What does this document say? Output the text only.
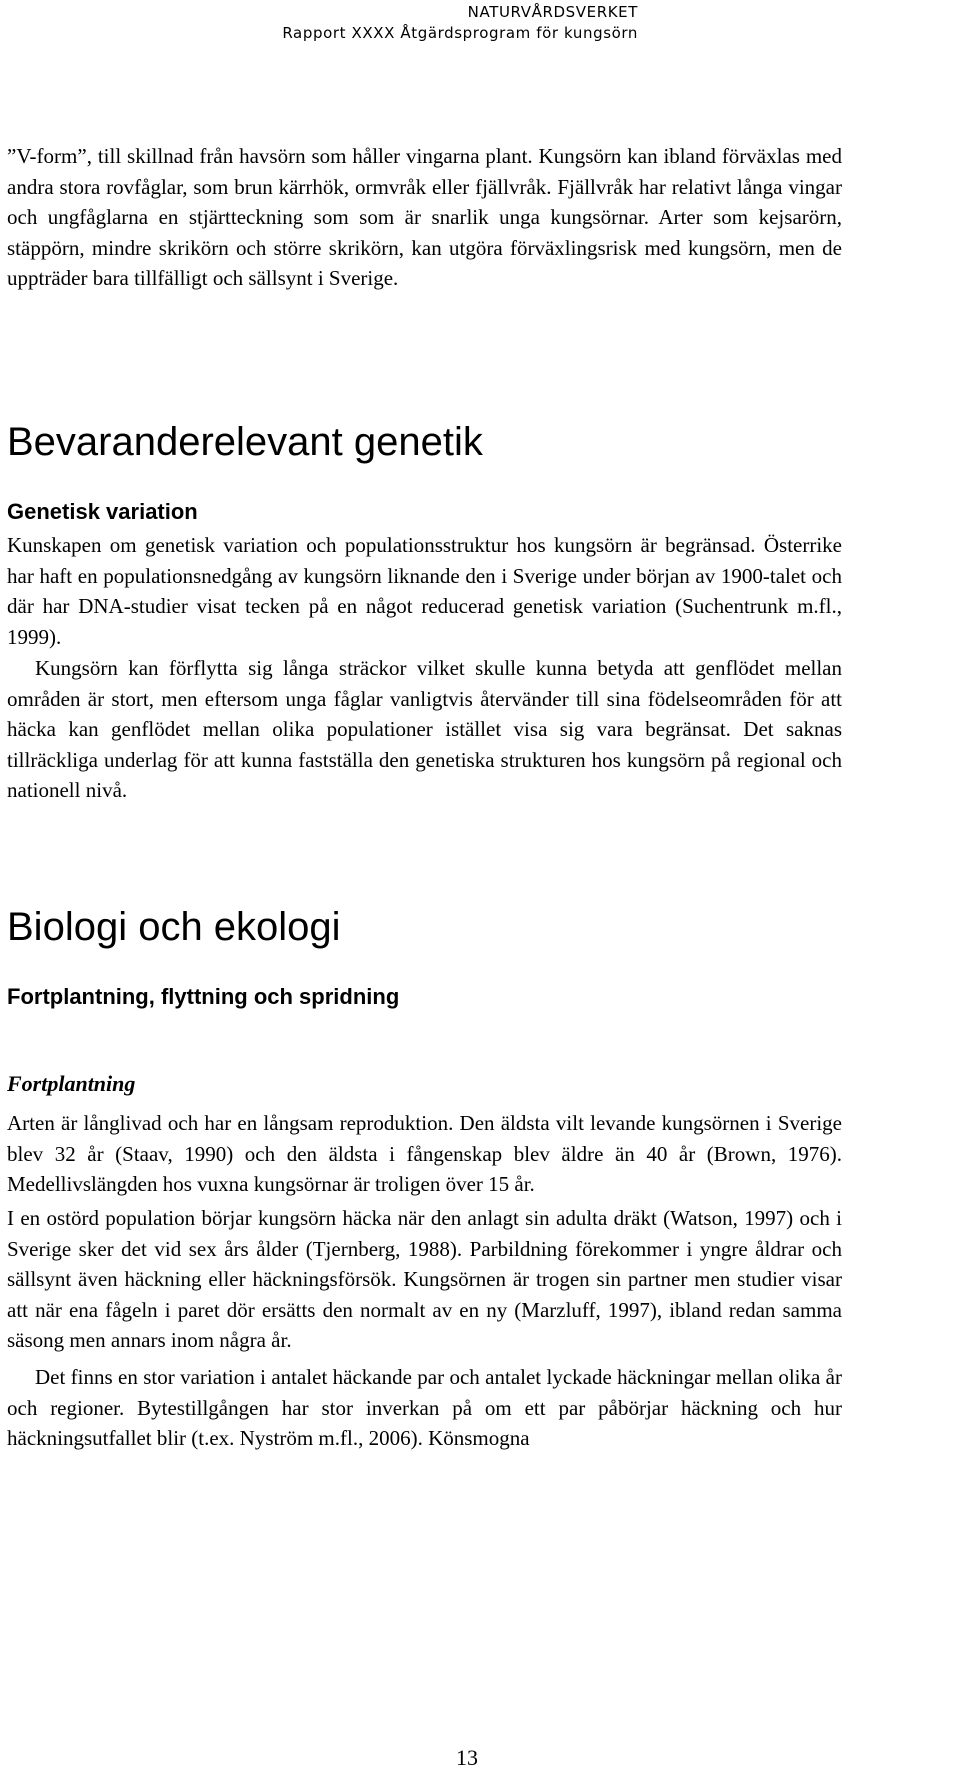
NATURVÅRDSVERKET
Rapport XXXX Åtgärdsprogram för kungsörn

”V-form”, till skillnad från havsörn som håller vingarna plant. Kungsörn kan ibland förväxlas med andra stora rovfåglar, som brun kärrhök, ormvråk eller fjällvråk. Fjällvråk har relativt långa vingar och ungfåglarna en stjärtteckning som som är snarlik unga kungsörnar. Arter som kejsarörn, stäppörn, mindre skrikörn och större skrikörn, kan utgöra förväxlingsrisk med kungsörn, men de uppträder bara tillfälligt och sällsynt i Sverige.

Bevaranderelevant genetik
Genetisk variation

Kunskapen om genetisk variation och populationsstruktur hos kungsörn är begränsad. Österrike har haft en populationsnedgång av kungsörn liknande den i Sverige under början av 1900-talet och där har DNA-studier visat tecken på en något reducerad genetisk variation (Suchentrunk m.fl., 1999).

Kungsörn kan förflytta sig långa sträckor vilket skulle kunna betyda att genflödet mellan områden är stort, men eftersom unga fåglar vanligtvis återvänder till sina födelseområden för att häcka kan genflödet mellan olika populationer istället visa sig vara begränsat. Det saknas tillräckliga underlag för att kunna fastställa den genetiska strukturen hos kungsörn på regional och nationell nivå.

Biologi och ekologi
Fortplantning, flyttning och spridning
Fortplantning

Arten är långlivad och har en långsam reproduktion. Den äldsta vilt levande kungsörnen i Sverige blev 32 år (Staav, 1990) och den äldsta i fångenskap blev äldre än 40 år (Brown, 1976). Medellivslängden hos vuxna kungsörnar är troligen över 15 år.

I en ostörd population börjar kungsörn häcka när den anlagt sin adulta dräkt (Watson, 1997) och i Sverige sker det vid sex års ålder (Tjernberg, 1988). Parbildning förekommer i yngre åldrar och sällsynt även häckning eller häckningsförsök. Kungsörnen är trogen sin partner men studier visar att när ena fågeln i paret dör ersätts den normalt av en ny (Marzluff, 1997), ibland redan samma säsong men annars inom några år.

Det finns en stor variation i antalet häckande par och antalet lyckade häckningar mellan olika år och regioner. Bytestillgången har stor inverkan på om ett par påbörjar häckning och hur häckningsutfallet blir (t.ex. Nyström m.fl., 2006). Könsmogna

13
